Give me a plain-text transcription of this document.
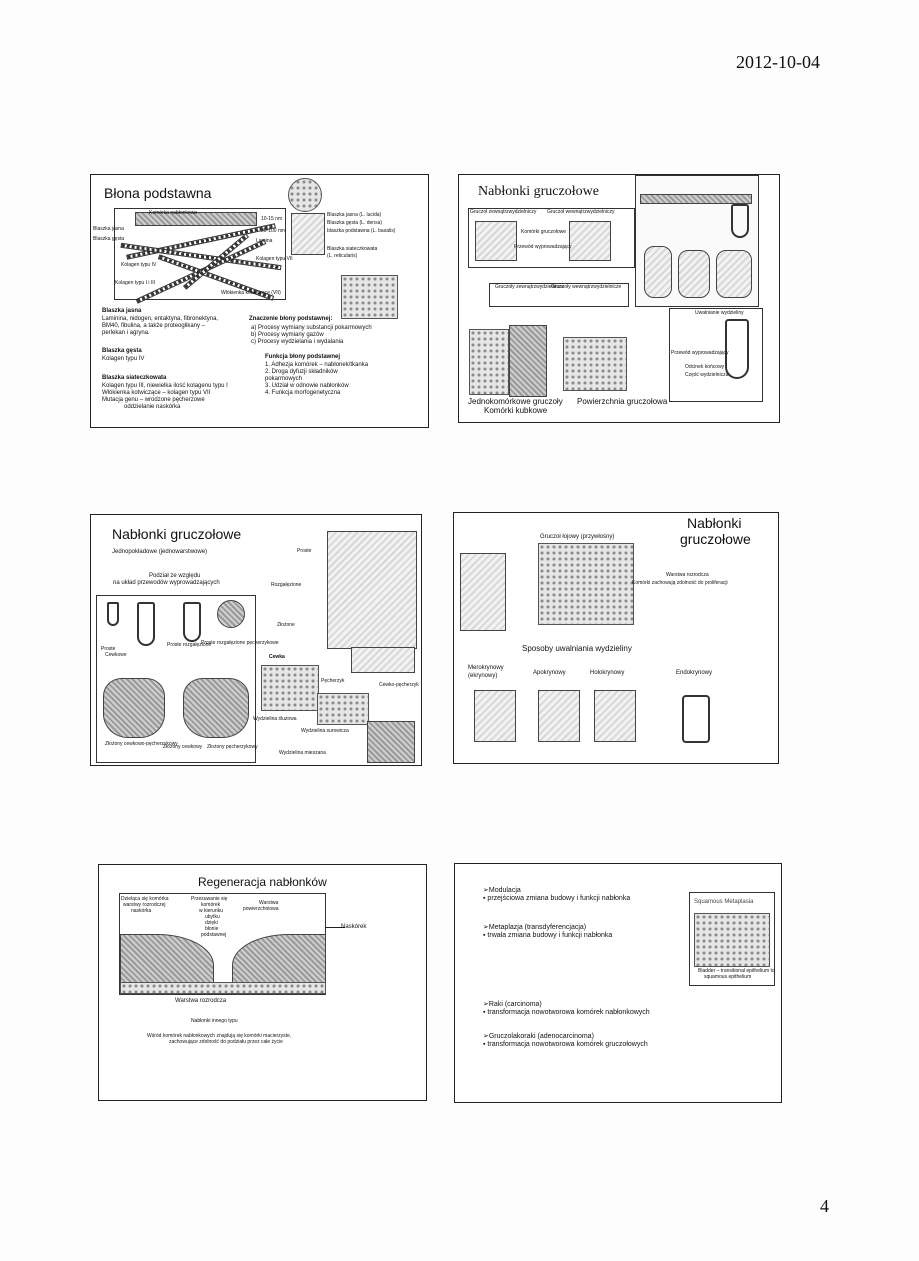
2012-10-04
Błona podstawna
Komórka nabłonkowa
Blaszka jasna
Blaszka gęsta
10-15 nm
20-100 nm
Lamina
Kolagen typu IV
Kolagen typu VII
Kolagen typu I i III
Włókienka kotwiczące (VII)
Blaszka jasna (L. lucida)
Blaszka gęsta (L. densa)
blaszka podstawna (L. basalis)
Blaszka siateczkowata
(L. reticularis)
Blaszka jasna
Laminina, nidogen, entaktyna, fibronektyna,
BM40, fibulina, a także proteoglikany –
perlekan i agryna.
Blaszka gęsta
Kolagen typu IV
Blaszka siateczkowata
Kolagen typu III, niewielka ilość kolagenu typu I
Włókienka kotwiczące – kolagen typu VII
Mutacja genu – wrodzone pęcherzowe
oddzielanie naskórka
Znaczenie błony podstawnej:
a) Procesy wymiany substancji pokarmowych
b) Procesy wymiany gazów
c) Procesy wydzielania i wydalania
Funkcja błony podstawnej
1. Adhezja komórek – nabłonek/tkanka
2. Droga dyfuzji składników
pokarmowych
3. Udział w odnowie nabłonków
4. Funkcja morfogenetyczna
Nabłonki gruczołowe
Gruczoł zewnątrzwydzielniczy Gruczoł wewnątrzwydzielniczy
Komórki gruczołowe
Przewód wyprowadzający
Gruczoły zewnątrzwydzielnicze
Gruczoły wewnątrzwydzielnicze
Uwalnianie wydzieliny
Przewód wyprowadzający
Odcinek końcowy
Część wydzielnicza
Jednokomórkowe gruczoły
Komórki kubkowe
Powierzchnia gruczołowa
Nabłonki gruczołowe
Jednopokładowe (jednowarstwowe)
Podział ze względu
na układ przewodów wyprowadzających
Proste
Cewkowe
Proste rozgałęzione
Proste rozgałęzione pęcherzykowe
Złożony cewkowo-pęcherzykowy
Złożony cewkowy Złożony pęcherzykowy
Proste
Rozgałęzione
Złożone
Cewka
Pęcherzyk
Cewko-pęcherzyk
Wydzielina śluzowa
Wydzielina surowicza
Wydzielina mieszana
Nabłonki
gruczołowe
Gruczoł łojowy (przywłośny)
Warstwa rozrodcza
Komórki zachowują zdolność do proliferacji
Sposoby uwalniania wydzieliny
Merokrynowy
(ekrynowy)	Apokrynowy	Holokrynowy	Endokrynowy
Regeneracja nabłonków
Dzieląca się komórka
warstwy rozrodczej
naskórka
Przesuwanie się
komórek
w kierunku
ubytku
dzięki
błonie
podstawnej
Warstwa
powierzchniowa
Naskórek
Warstwa rozrodcza
Nabłonki innego typu
Wśród komórek nabłonkowych znajdują się komórki macierzyste,
zachowujące zdolność do podziału przez całe życie
➢Modulacja
▪ przejściowa zmiana budowy i funkcji nabłonka
➢Metaplazja (transdyferencjacja)
▪ trwała zmiana budowy i funkcji nabłonka
➢Raki (carcinoma)
▪ transformacja nowotworowa komórek nabłonkowych
➢Gruczolakoraki (adenocarcinoma)
▪ transformacja nowotworowa komórek gruczołowych
Squamous Metaplasia
Bladder – transitional epithelium to
squamous epithelium
4
